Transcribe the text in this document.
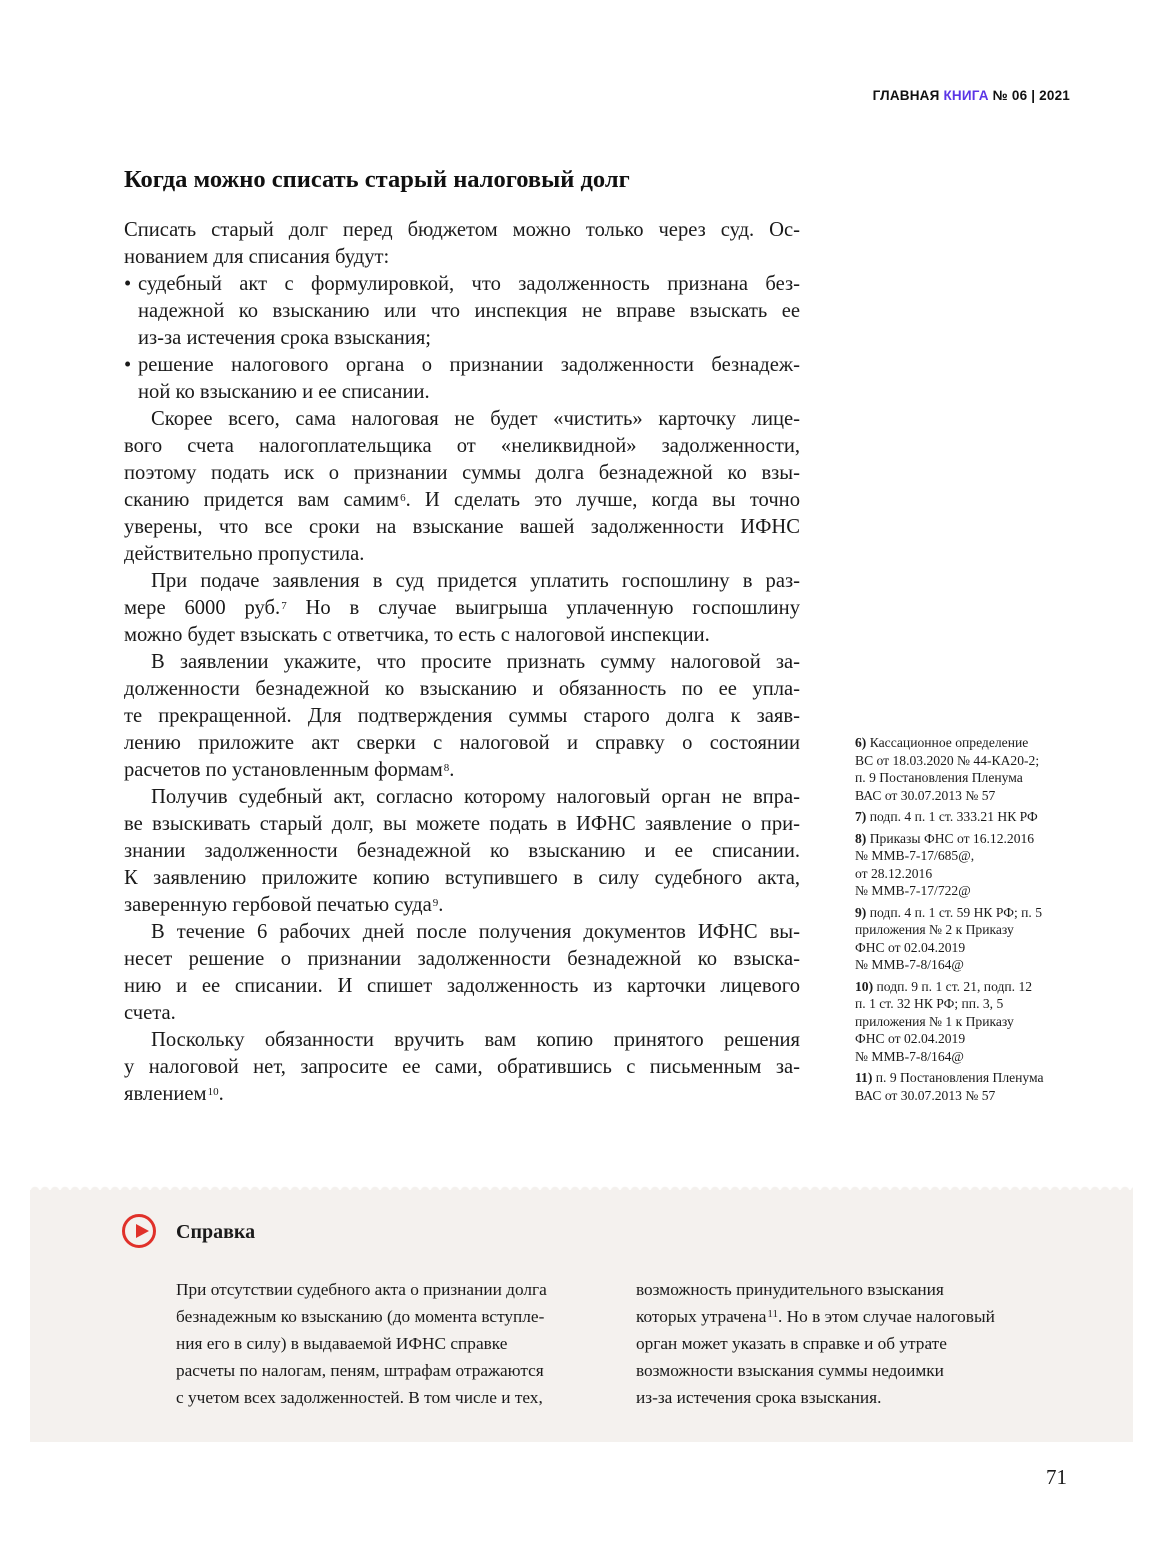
ГЛАВНАЯ КНИГА № 06 | 2021
Когда можно списать старый налоговый долг
Списать старый долг перед бюджетом можно только через суд. Ос-
нованием для списания будут:
• судебный акт с формулировкой, что задолженность признана без-
надежной ко взысканию или что инспекция не вправе взыскать ее
из-за истечения срока взыскания;
• решение налогового органа о признании задолженности безнадеж-
ной ко взысканию и ее списании.
Скорее всего, сама налоговая не будет «чистить» карточку лице-
вого счета налогоплательщика от «неликвидной» задолженности,
поэтому подать иск о признании суммы долга безнадежной ко взы-
сканию придется вам самим$^6$. И сделать это лучше, когда вы точно
уверены, что все сроки на взыскание вашей задолженности ИФНС
действительно пропустила.
При подаче заявления в суд придется уплатить госпошлину в раз-
мере 6000 руб.$^7$ Но в случае выигрыша уплаченную госпошлину
можно будет взыскать с ответчика, то есть с налоговой инспекции.
В заявлении укажите, что просите признать сумму налоговой за-
долженности безнадежной ко взысканию и обязанность по ее упла-
те прекращенной. Для подтверждения суммы старого долга к заяв-
лению приложите акт сверки с налоговой и справку о состоянии
расчетов по установленным формам$^8$.
Получив судебный акт, согласно которому налоговый орган не впра-
ве взыскивать старый долг, вы можете подать в ИФНС заявление о при-
знании задолженности безнадежной ко взысканию и ее списании.
К заявлению приложите копию вступившего в силу судебного акта,
заверенную гербовой печатью суда$^9$.
В течение 6 рабочих дней после получения документов ИФНС вы-
несет решение о признании задолженности безнадежной ко взыска-
нию и ее списании. И спишет задолженность из карточки лицевого
счета.
Поскольку обязанности вручить вам копию принятого решения
у налоговой нет, запросите ее сами, обратившись с письменным за-
явлением$^{10}$.
6) Кассационное определение
ВС от 18.03.2020 № 44-КА20-2;
п. 9 Постановления Пленума
ВАС от 30.07.2013 № 57
7) подп. 4 п. 1 ст. 333.21 НК РФ
8) Приказы ФНС от 16.12.2016
№ ММВ-7-17/685@,
от 28.12.2016
№ ММВ-7-17/722@
9) подп. 4 п. 1 ст. 59 НК РФ; п. 5
приложения № 2 к Приказу
ФНС от 02.04.2019
№ ММВ-7-8/164@
10) подп. 9 п. 1 ст. 21, подп. 12
п. 1 ст. 32 НК РФ; пп. 3, 5
приложения № 1 к Приказу
ФНС от 02.04.2019
№ ММВ-7-8/164@
11) п. 9 Постановления Пленума
ВАС от 30.07.2013 № 57
Справка
При отсутствии судебного акта о признании долга
безнадежным ко взысканию (до момента вступле-
ния его в силу) в выдаваемой ИФНС справке
расчеты по налогам, пеням, штрафам отражаются
с учетом всех задолженностей. В том числе и тех,
возможность принудительного взыскания
которых утрачена$^{11}$. Но в этом случае налоговый
орган может указать в справке и об утрате
возможности взыскания суммы недоимки
из-за истечения срока взыскания.
71
